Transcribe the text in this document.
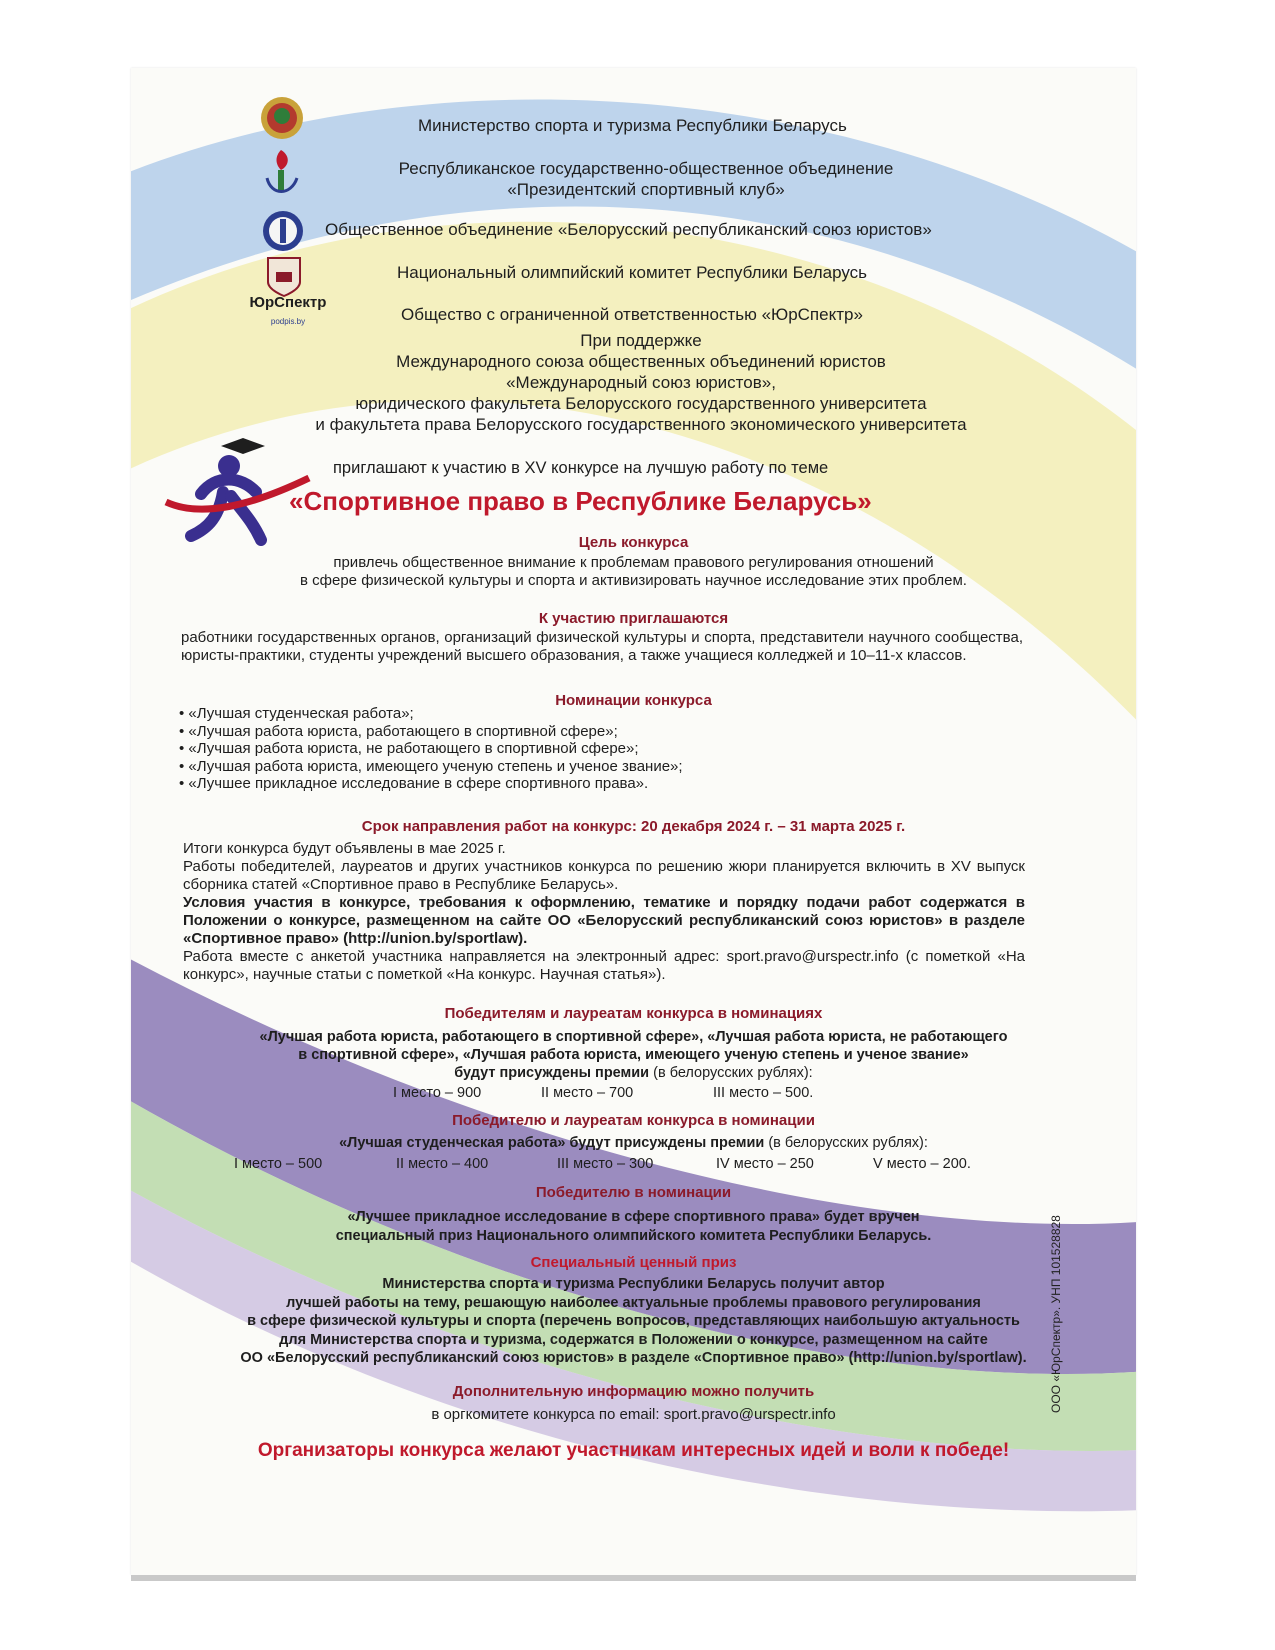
ЮрСпектр
podpis.by
Министерство спорта и туризма Республики Беларусь
Республиканское государственно-общественное объединение
«Президентский спортивный клуб»
Общественное объединение «Белорусский республиканский союз юристов»
Национальный олимпийский комитет Республики Беларусь
Общество с ограниченной ответственностью «ЮрСпектр»
При поддержке
Международного союза общественных объединений юристов
«Международный союз юристов»,
юридического факультета Белорусского государственного университета
и факультета права Белорусского государственного экономического университета
приглашают к участию в XV конкурсе на лучшую работу по теме
«Спортивное право в Республике Беларусь»
Цель конкурса
привлечь общественное внимание к проблемам правового регулирования отношений
в сфере физической культуры и спорта и активизировать научное исследование этих проблем.
К участию приглашаются
работники государственных органов, организаций физической культуры и спорта, представители научного сообщества, юристы-практики, студенты учреждений высшего образования, а также учащиеся колледжей и 10–11-х классов.
Номинации конкурса
• «Лучшая студенческая работа»;
• «Лучшая работа юриста, работающего в спортивной сфере»;
• «Лучшая работа юриста, не работающего в спортивной сфере»;
• «Лучшая работа юриста, имеющего ученую степень и ученое звание»;
• «Лучшее прикладное исследование в сфере спортивного права».
Срок направления работ на конкурс: 20 декабря 2024 г. – 31 марта 2025 г.
Итоги конкурса будут объявлены в мае 2025 г.
Работы победителей, лауреатов и других участников конкурса по решению жюри планируется включить в XV выпуск сборника статей «Спортивное право в Республике Беларусь».
Условия участия в конкурсе, требования к оформлению, тематике и порядку подачи работ содержатся в Положении о конкурсе, размещенном на сайте ОО «Белорусский республиканский союз юристов» в разделе «Спортивное право» (http://union.by/sportlaw).
Работа вместе с анкетой участника направляется на электронный адрес: sport.pravo@urspectr.info (с пометкой «На конкурс», научные статьи с пометкой «На конкурс. Научная статья»).
Победителям и лауреатам конкурса в номинациях
«Лучшая работа юриста, работающего в спортивной сфере», «Лучшая работа юриста, не работающего
в спортивной сфере», «Лучшая работа юриста, имеющего ученую степень и ученое звание»
будут присуждены премии (в белорусских рублях):
I место – 900	II место – 700	III место – 500.
Победителю и лауреатам конкурса в номинации
«Лучшая студенческая работа» будут присуждены премии (в белорусских рублях):
I место – 500	II место – 400	III место – 300	IV место – 250	V место – 200.
Победителю в номинации
«Лучшее прикладное исследование в сфере спортивного права» будет вручен
специальный приз Национального олимпийского комитета Республики Беларусь.
Специальный ценный приз
Министерства спорта и туризма Республики Беларусь получит автор
лучшей работы на тему, решающую наиболее актуальные проблемы правового регулирования
в сфере физической культуры и спорта (перечень вопросов, представляющих наибольшую актуальность
для Министерства спорта и туризма, содержатся в Положении о конкурсе, размещенном на сайте
ОО «Белорусский республиканский союз юристов» в разделе «Спортивное право» (http://union.by/sportlaw).
Дополнительную информацию можно получить
в оргкомитете конкурса по email: sport.pravo@urspectr.info
Организаторы конкурса желают участникам интересных идей и воли к победе!
ООО «ЮрСпектр». УНП 101528828
